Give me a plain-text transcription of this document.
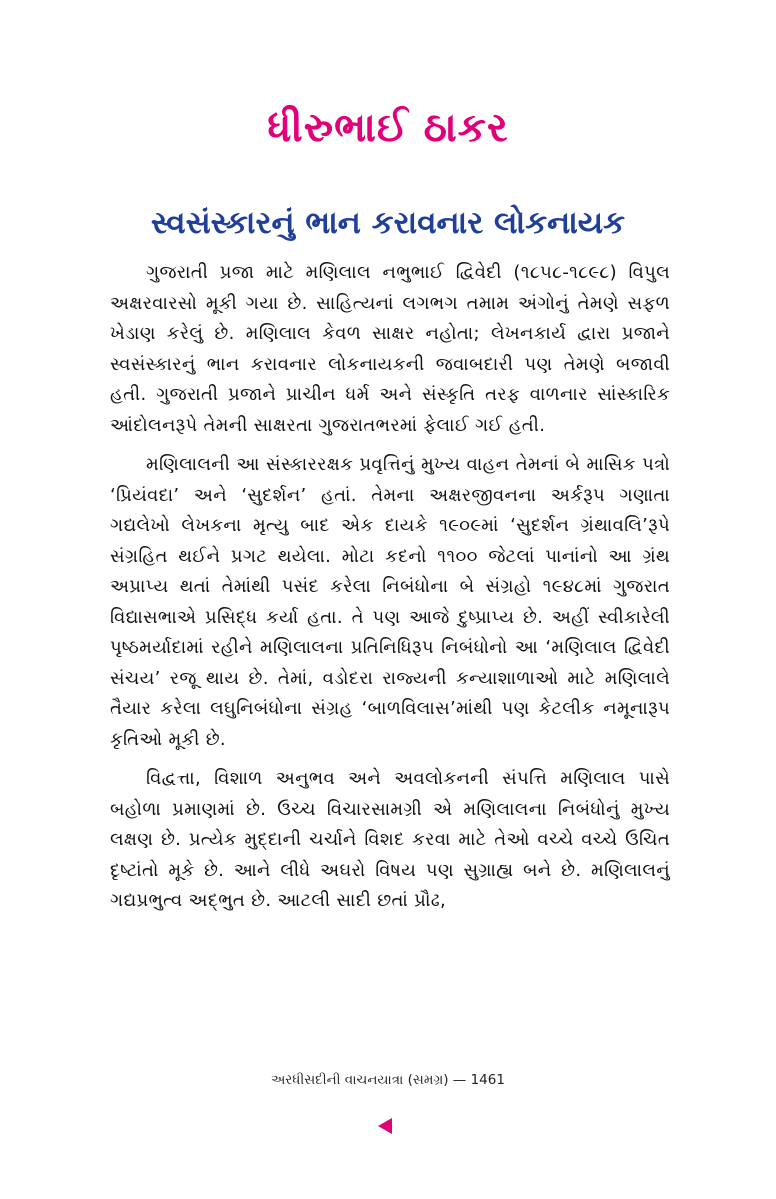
ધીરુભાઈ ઠાકર
સ્વસંસ્કારનું ભાન કરાવનાર લોકનાયક

ગુજરાતી પ્રજા માટે મણિલાલ નભુભાઈ દ્વિવેદી (૧૮૫૮-૧૮૯૮) વિપુલ અક્ષરવારસો મૂકી ગયા છે. સાહિત્યનાં લગભગ તમામ અંગોનું તેમણે સફળ ખેડાણ કરેલું છે. મણિલાલ કેવળ સાક્ષર નહોતા; લેખનકાર્ય દ્વારા પ્રજાને સ્વસંસ્કારનું ભાન કરાવનાર લોકનાયકની જવાબદારી પણ તેમણે બજાવી હતી. ગુજરાતી પ્રજાને પ્રાચીન ધર્મ અને સંસ્કૃતિ તરફ વાળનાર સાંસ્કારિક આંદોલનરૂપે તેમની સાક્ષરતા ગુજરાતભરમાં ફેલાઈ ગઈ હતી.

મણિલાલની આ સંસ્કારરક્ષક પ્રવૃત્તિનું મુખ્ય વાહન તેમનાં બે માસિક પત્રો ‘પ્રિયંવદા’ અને ‘સુદર્શન’ હતાં. તેમના અક્ષરજીવનના અર્કરૂપ ગણાતા ગદ્યલેખો લેખકના મૃત્યુ બાદ એક દાયકે ૧૯૦૯માં ‘સુદર્શન ગ્રંથાવલિ’રૂપે સંગ્રહિત થઈને પ્રગટ થયેલા. મોટા કદનો ૧૧૦૦ જેટલાં પાનાંનો આ ગ્રંથ અપ્રાપ્ય થતાં તેમાંથી પસંદ કરેલા નિબંધોના બે સંગ્રહો ૧૯૪૮માં ગુજરાત વિદ્યાસભાએ પ્રસિદ્ધ કર્યા હતા. તે પણ આજે દુષ્પ્રાપ્ય છે. અહીં સ્વીકારેલી પૃષ્ઠમર્યાદામાં રહીને મણિલાલના પ્રતિનિધિરૂપ નિબંધોનો આ ‘મણિલાલ દ્વિવેદી સંચય’ રજૂ થાય છે. તેમાં, વડોદરા રાજ્યની કન્યાશાળાઓ માટે મણિલાલે તૈયાર કરેલા લઘુનિબંધોના સંગ્રહ ‘બાળવિલાસ’માંથી પણ કેટલીક નમૂનારૂપ કૃતિઓ મૂકી છે.

વિદ્વત્તા, વિશાળ અનુભવ અને અવલોકનની સંપત્તિ મણિલાલ પાસે બહોળા પ્રમાણમાં છે. ઉચ્ચ વિચારસામગ્રી એ મણિલાલના નિબંધોનું મુખ્ય લક્ષણ છે. પ્રત્યેક મુદ્દાની ચર્ચાને વિશદ કરવા માટે તેઓ વચ્ચે વચ્ચે ઉચિત દૃષ્ટાંતો મૂકે છે. આને લીધે અઘરો વિષય પણ સુગ્રાહ્ય બને છે. મણિલાલનું ગદ્યપ્રભુત્વ અદ્ભુત છે. આટલી સાદી છતાં પ્રૌઢ,

અરધીસદીની વાચનયાત્રા (સમગ્ર) — 1461
